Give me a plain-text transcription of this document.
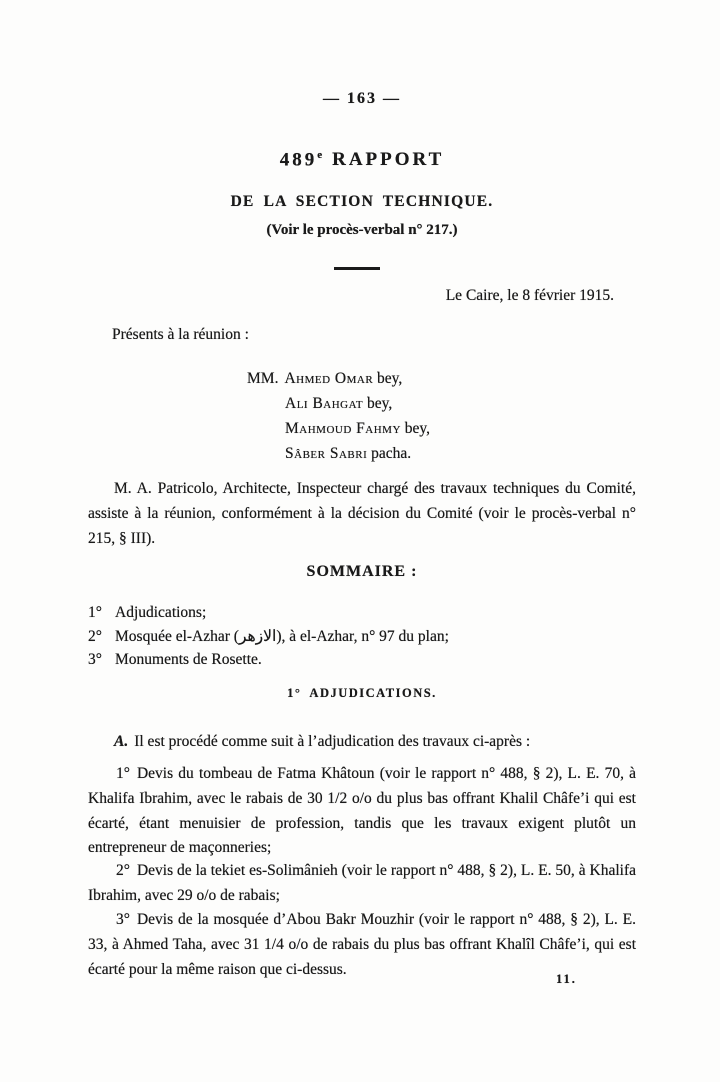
— 163 —
489e RAPPORT
DE LA SECTION TECHNIQUE.
(Voir le procès-verbal n° 217.)
Le Caire, le 8 février 1915.
Présents à la réunion :
MM. Ahmed Omar bey,
Ali Bahgat bey,
Mahmoud Fahmy bey,
Sâber Sabri pacha.
M. A. Patricolo, Architecte, Inspecteur chargé des travaux techniques du Comité, assiste à la réunion, conformément à la décision du Comité (voir le procès-verbal n° 215, § III).
SOMMAIRE :
1° Adjudications;
2° Mosquée el-Azhar (الازهر), à el-Azhar, n° 97 du plan;
3° Monuments de Rosette.
1° ADJUDICATIONS.
A. Il est procédé comme suit à l’adjudication des travaux ci-après :
1° Devis du tombeau de Fatma Khâtoun (voir le rapport n° 488, § 2), L. E. 70, à Khalifa Ibrahim, avec le rabais de 30 1/2 o/o du plus bas offrant Khalil Châfe’i qui est écarté, étant menuisier de profession, tandis que les travaux exigent plutôt un entrepreneur de maçonneries;
2° Devis de la tekiet es-Solimânieh (voir le rapport n° 488, § 2), L. E. 50, à Khalifa Ibrahim, avec 29 o/o de rabais;
3° Devis de la mosquée d’Abou Bakr Mouzhir (voir le rapport n° 488, § 2), L. E. 33, à Ahmed Taha, avec 31 1/4 o/o de rabais du plus bas offrant Khalîl Châfe’i, qui est écarté pour la même raison que ci-dessus.
11.
